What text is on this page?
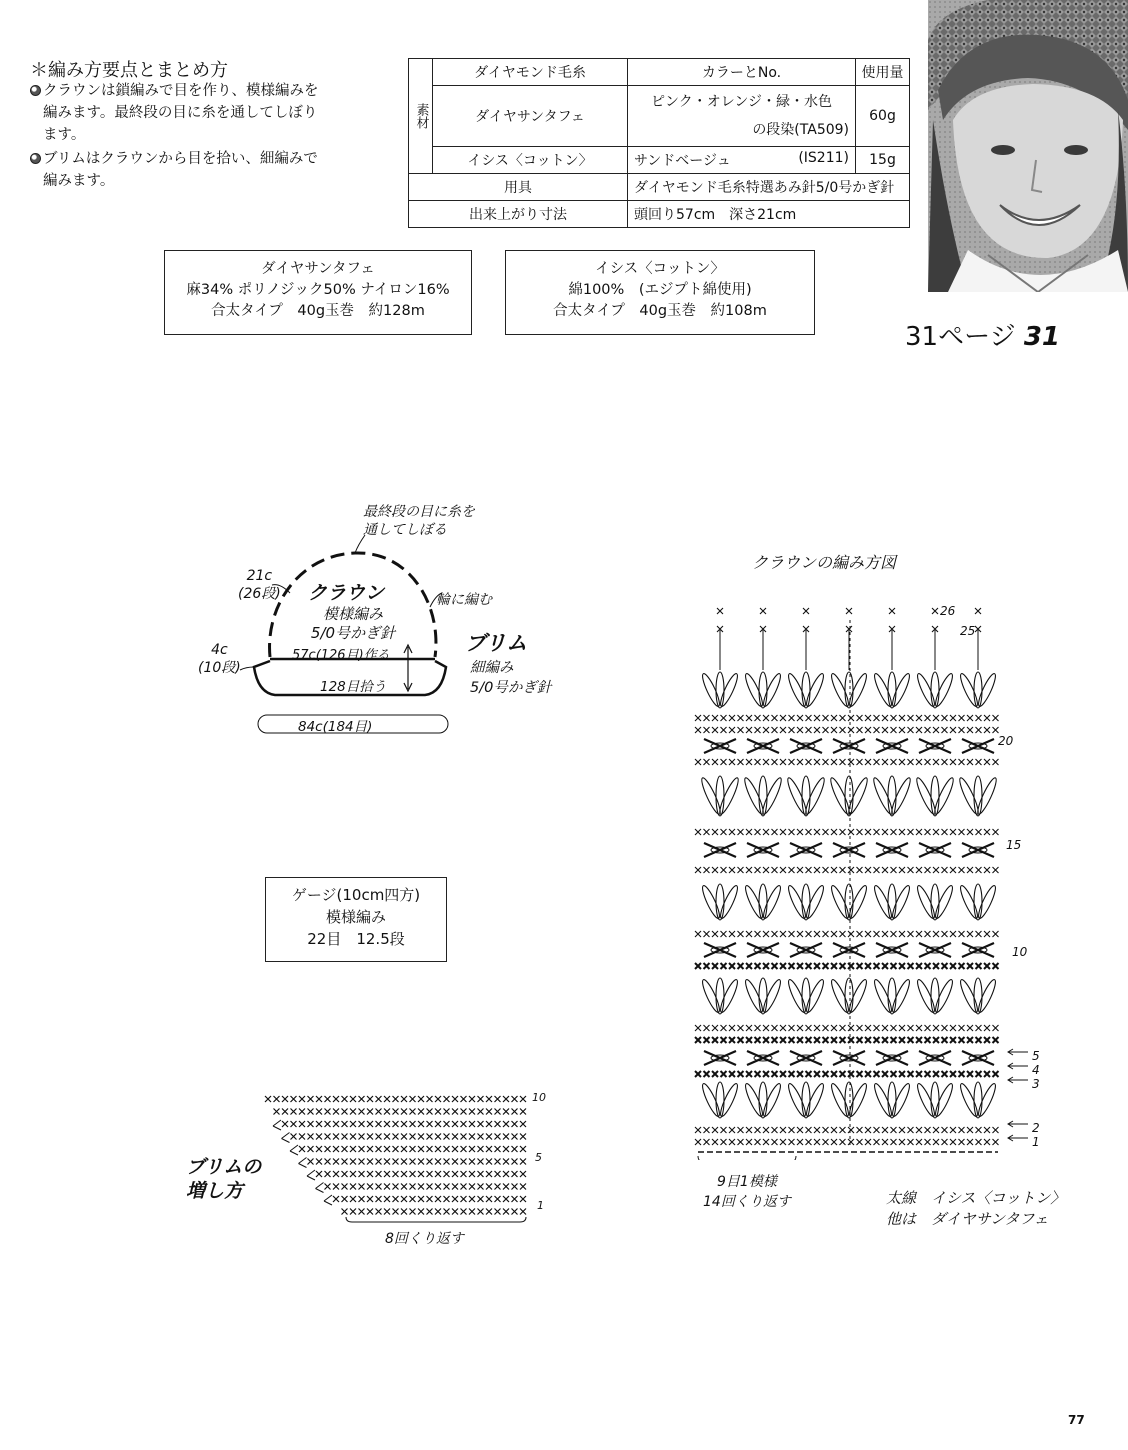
＊編み方要点とまとめ方
クラウンは鎖編みで目を作り、模様編みを
編みます。最終段の目に糸を通してしぼり
ます。
ブリムはクラウンから目を拾い、細編みで
編みます。
素材	ダイヤモンド毛糸	カラーとNo.	使用量
	ダイヤサンタフェ	ピンク・オレンジ・緑・水色
の段染(TA509)	60g
	イシス〈コットン〉	サンドベージュ (IS211)	15g
用具		ダイヤモンド毛糸特選あみ針5/0号かぎ針	
出来上がり寸法		頭回り57cm　深さ21cm	
ダイヤサンタフェ
麻34% ポリノジック50% ナイロン16%
合太タイプ　40g玉巻　約128m
イシス〈コットン〉
綿100%　(エジプト綿使用)
合太タイプ　40g玉巻　約108m
31ページ 31
最終段の目に糸を
通してしぼる
21c
(26段)
4c
(10段)
クラウン
模様編み
5/0号かぎ針
57c(126目)作る
128目拾う
輪に編む
ブリム
細編み
5/0号かぎ針
84c(184目)
ゲージ(10cm四方)
模様編み
22目　12.5段
ブリムの
増し方
10
5
1
8回くり返す
クラウンの編み方図
26
25
20
15
10
5
4
3
2
1
9目1模様
14回くり返す	太線　イシス〈コットン〉
他は　ダイヤサンタフェ
77
